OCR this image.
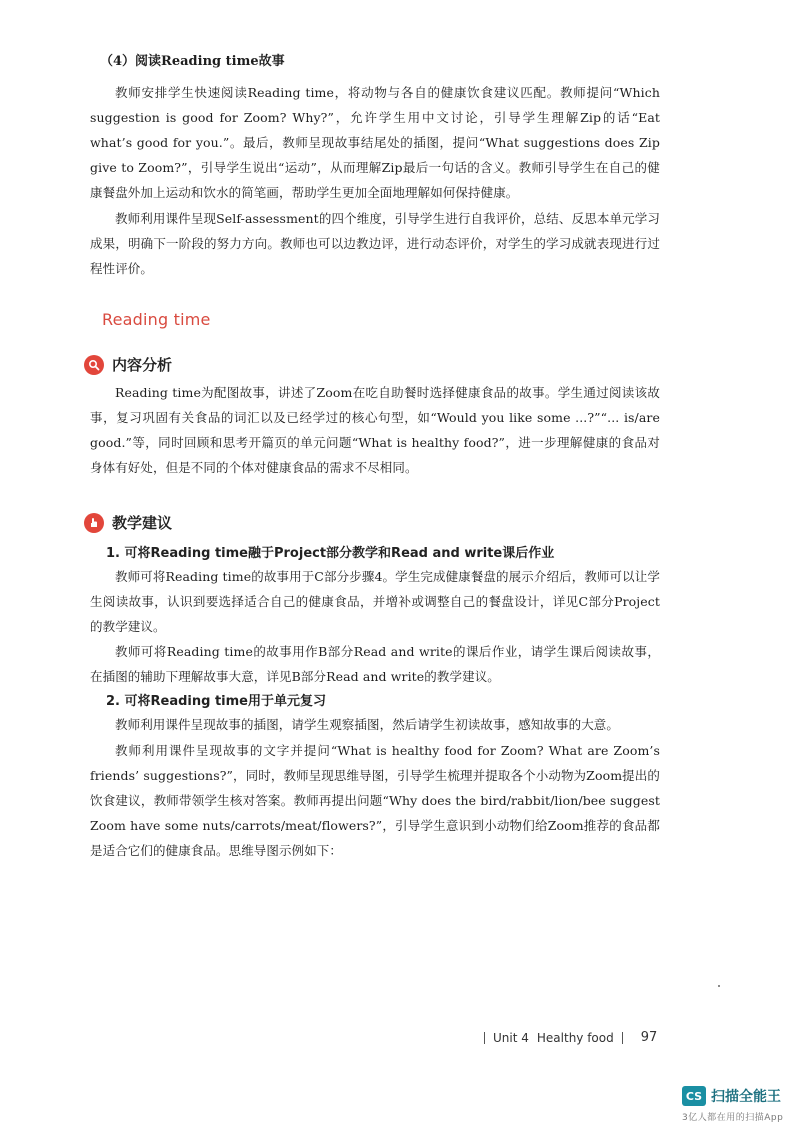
（4）阅读Reading time故事

教师安排学生快速阅读Reading time，将动物与各自的健康饮食建议匹配。教师提问“Which suggestion is good for Zoom? Why?”，允许学生用中文讨论，引导学生理解Zip的话“Eat what’s good for you.”。最后，教师呈现故事结尾处的插图，提问“What suggestions does Zip give to Zoom?”，引导学生说出“运动”，从而理解Zip最后一句话的含义。教师引导学生在自己的健康餐盘外加上运动和饮水的简笔画，帮助学生更加全面地理解如何保持健康。

教师利用课件呈现Self-assessment的四个维度，引导学生进行自我评价，总结、反思本单元学习成果，明确下一阶段的努力方向。教师也可以边教边评，进行动态评价，对学生的学习成就表现进行过程性评价。

Reading time
内容分析

Reading time为配图故事，讲述了Zoom在吃自助餐时选择健康食品的故事。学生通过阅读该故事，复习巩固有关食品的词汇以及已经学过的核心句型，如“Would you like some ...?”“... is/are good.”等，同时回顾和思考开篇页的单元问题“What is healthy food?”，进一步理解健康的食品对身体有好处，但是不同的个体对健康食品的需求不尽相同。

教学建议
1. 可将Reading time融于Project部分教学和Read and write课后作业

教师可将Reading time的故事用于C部分步骤4。学生完成健康餐盘的展示介绍后，教师可以让学生阅读故事，认识到要选择适合自己的健康食品，并增补或调整自己的餐盘设计，详见C部分Project的教学建议。

教师可将Reading time的故事用作B部分Read and write的课后作业，请学生课后阅读故事，在插图的辅助下理解故事大意，详见B部分Read and write的教学建议。

2. 可将Reading time用于单元复习

教师利用课件呈现故事的插图，请学生观察插图，然后请学生初读故事，感知故事的大意。

教师利用课件呈现故事的文字并提问“What is healthy food for Zoom? What are Zoom’s friends’ suggestions?”，同时，教师呈现思维导图，引导学生梳理并提取各个小动物为Zoom提出的饮食建议，教师带领学生核对答案。教师再提出问题“Why does the bird/rabbit/lion/bee suggest Zoom have some nuts/carrots/meat/flowers?”，引导学生意识到小动物们给Zoom推荐的食品都是适合它们的健康食品。思维导图示例如下：

Unit 4 Healthy food 97
CS 扫描全能王
3亿人都在用的扫描App
